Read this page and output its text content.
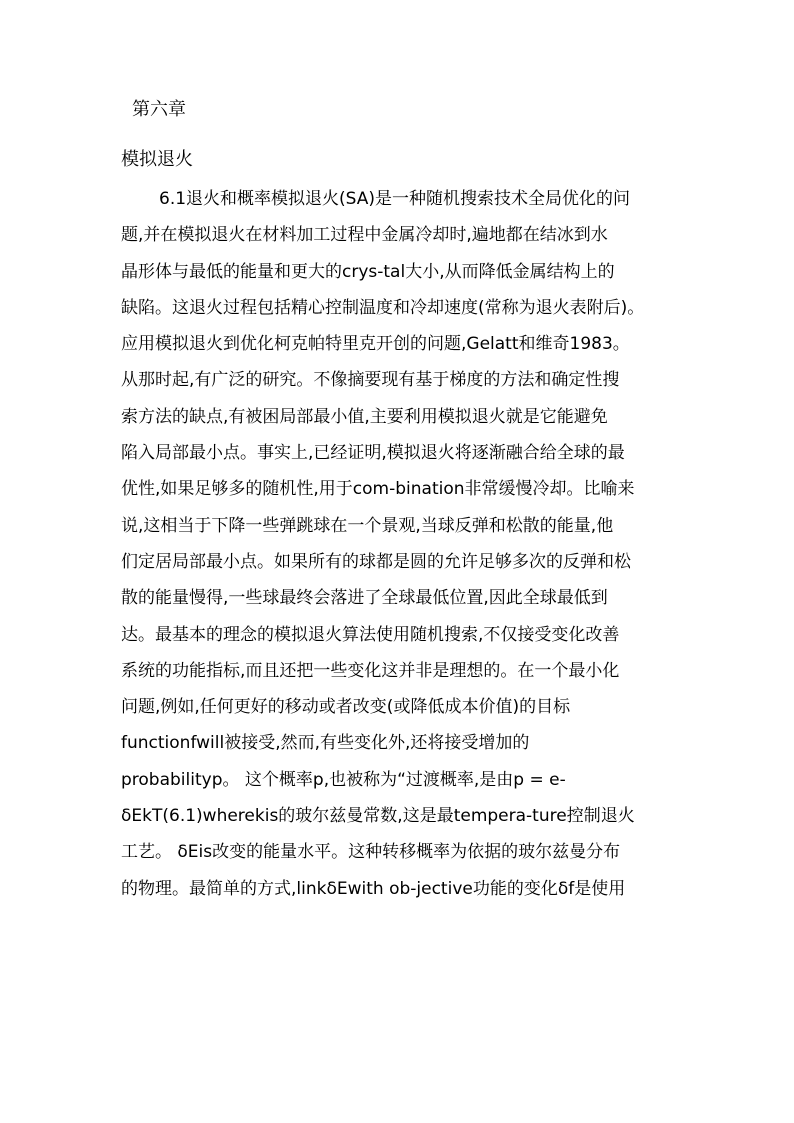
第六章
模拟退火
6.1退火和概率模拟退火(SA)是一种随机搜索技术全局优化的问
题,并在模拟退火在材料加工过程中金属冷却时,遍地都在结冰到水
晶形体与最低的能量和更大的crys-tal大小,从而降低金属结构上的
缺陷。这退火过程包括精心控制温度和冷却速度(常称为退火表附后)。
应用模拟退火到优化柯克帕特里克开创的问题,Gelatt和维奇1983。
从那时起,有广泛的研究。不像摘要现有基于梯度的方法和确定性搜
索方法的缺点,有被困局部最小值,主要利用模拟退火就是它能避免
陷入局部最小点。事实上,已经证明,模拟退火将逐渐融合给全球的最
优性,如果足够多的随机性,用于com-bination非常缓慢冷却。比喻来
说,这相当于下降一些弹跳球在一个景观,当球反弹和松散的能量,他
们定居局部最小点。如果所有的球都是圆的允许足够多次的反弹和松
散的能量慢得,一些球最终会落进了全球最低位置,因此全球最低到
达。最基本的理念的模拟退火算法使用随机搜索,不仅接受变化改善
系统的功能指标,而且还把一些变化这并非是理想的。在一个最小化
问题,例如,任何更好的移动或者改变(或降低成本价值)的目标
functionfwill被接受,然而,有些变化外,还将接受增加的
probabilityp。 这个概率p,也被称为“过渡概率,是由p = e-
δEkT(6.1)wherekis的玻尔兹曼常数,这是最tempera-ture控制退火
工艺。 δEis改变的能量水平。这种转移概率为依据的玻尔兹曼分布
的物理。最简单的方式,linkδEwith ob-jective功能的变化δf是使用
